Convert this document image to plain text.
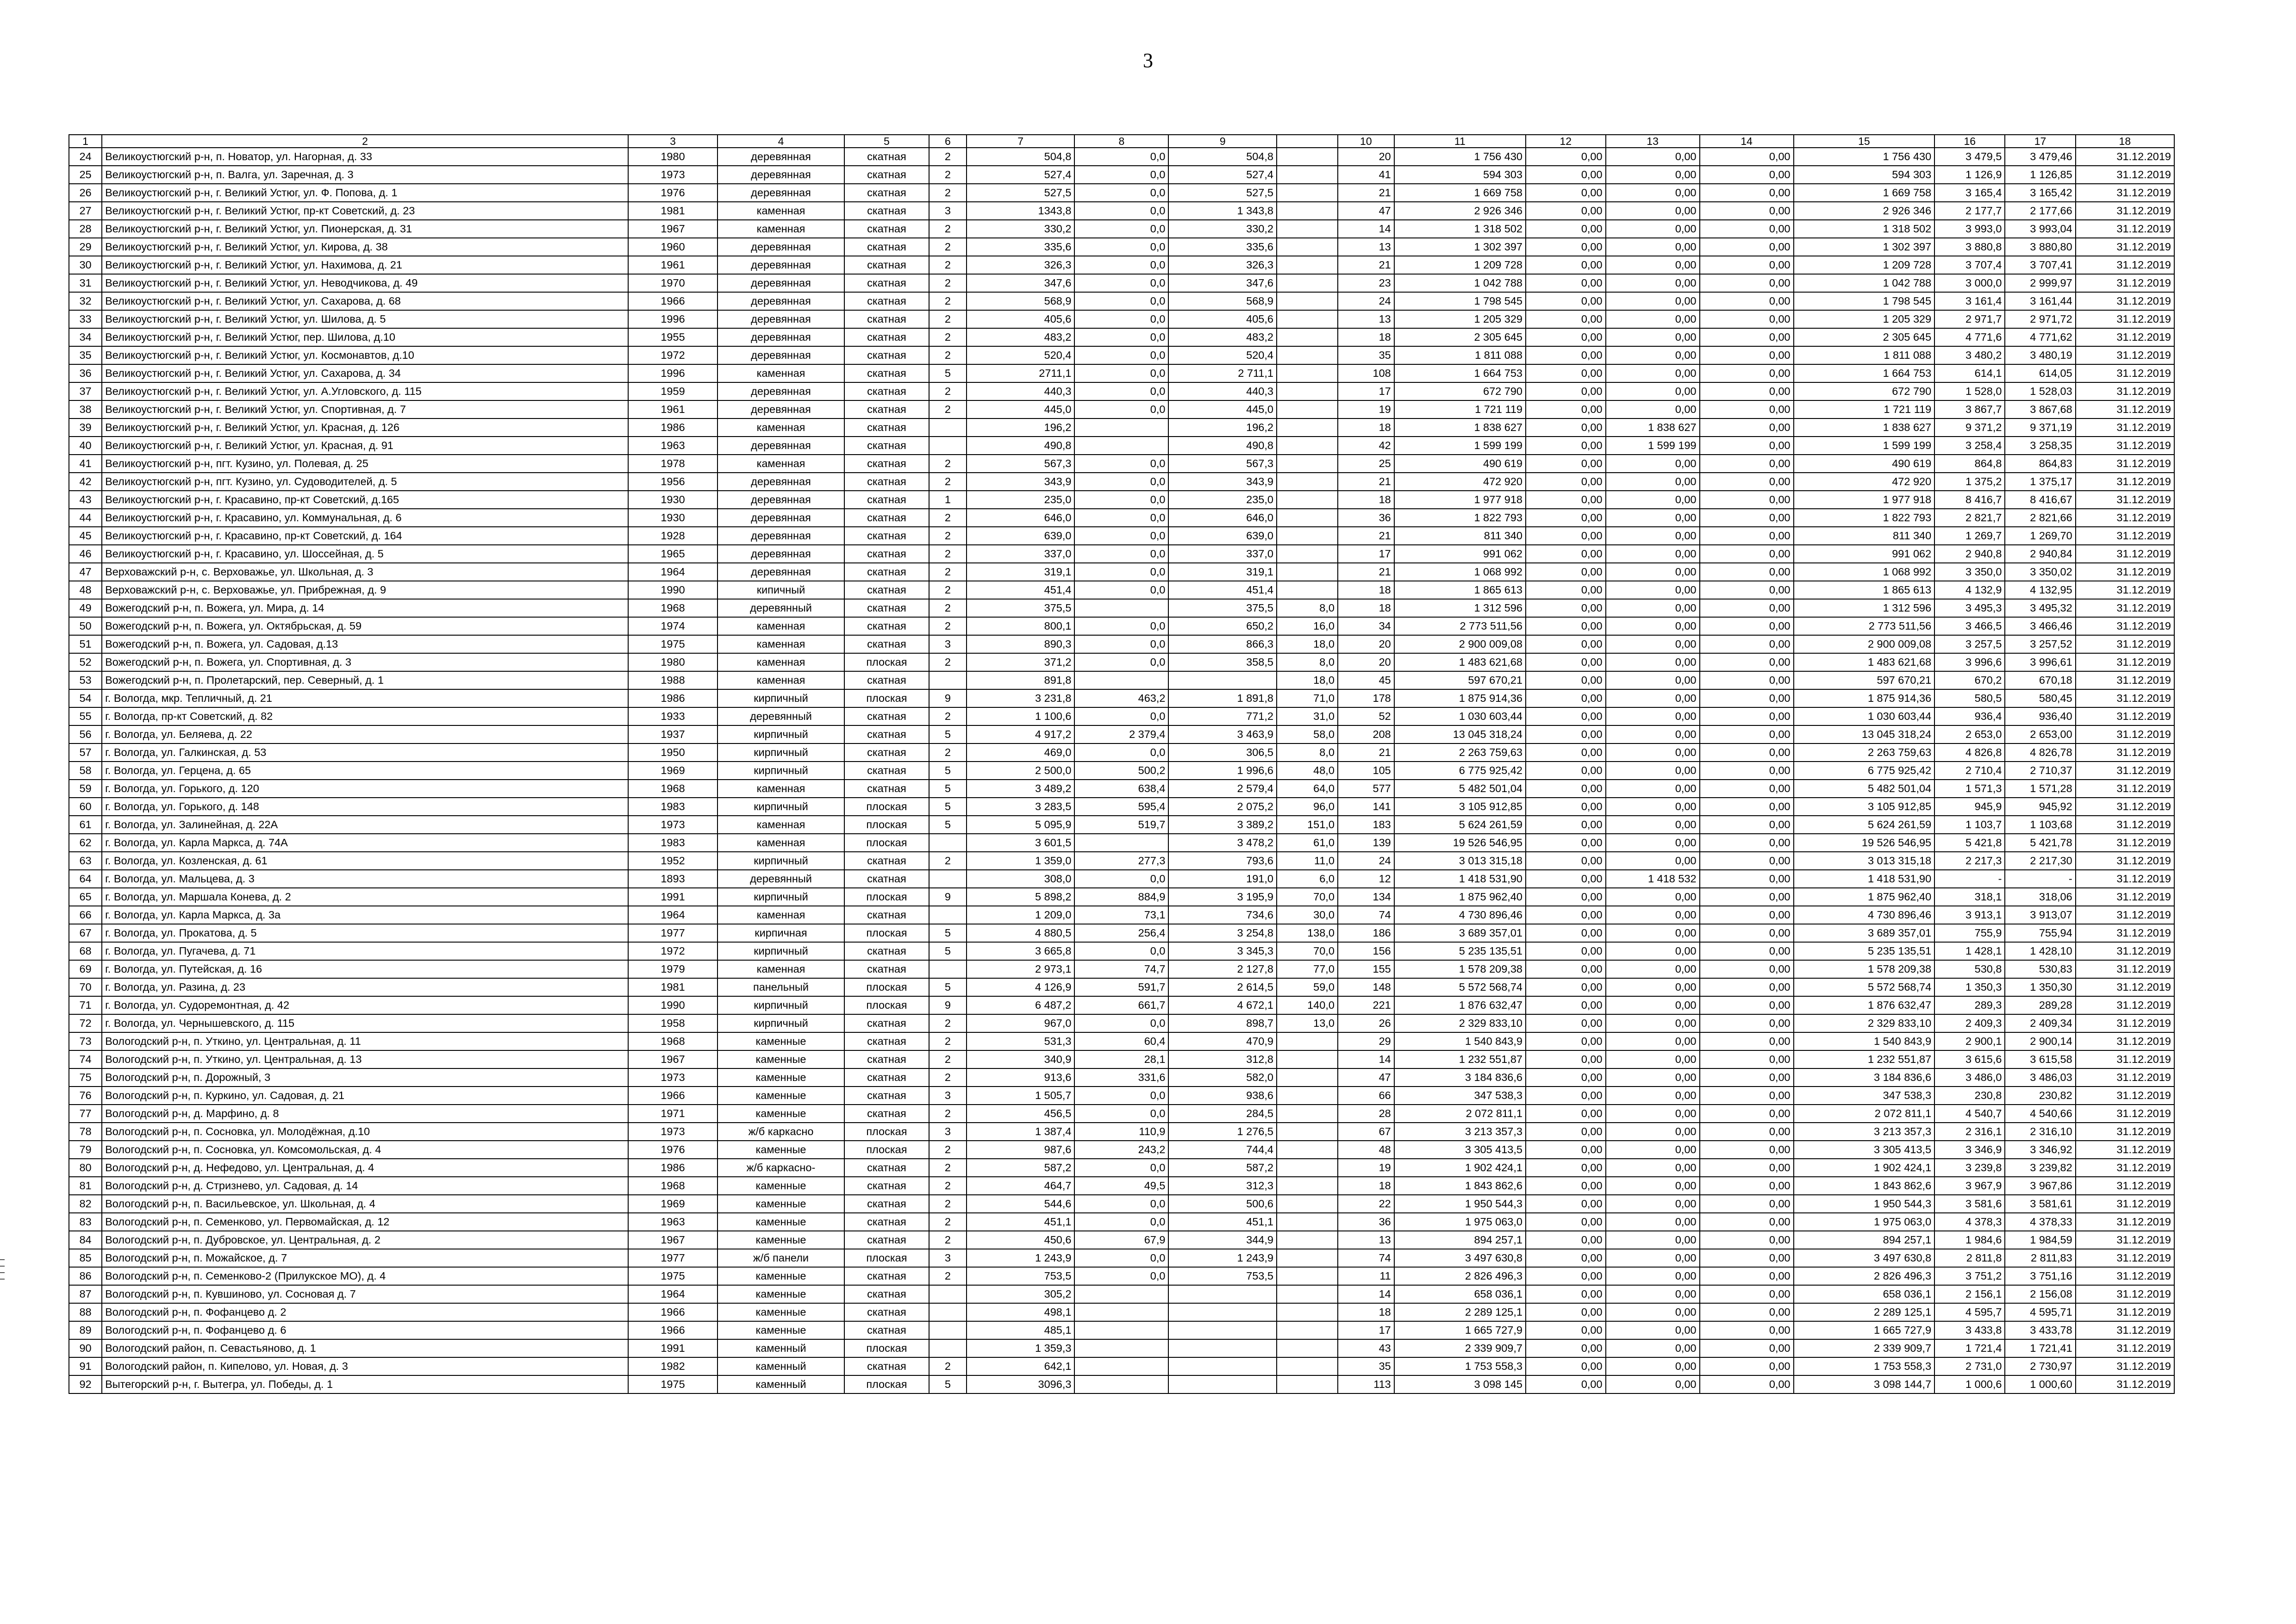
3
1	2	3	4	5	6	7	8	9		10	11	12	13	14	15	16	17	18
24	Великоустюгский р-н, п. Новатор, ул. Нагорная, д. 33	1980	деревянная	скатная	2	504,8	0,0	504,8		20	1 756 430	0,00	0,00	0,00	1 756 430	3 479,5	3 479,46	31.12.2019
25	Великоустюгский р-н, п. Валга, ул. Заречная, д. 3	1973	деревянная	скатная	2	527,4	0,0	527,4		41	594 303	0,00	0,00	0,00	594 303	1 126,9	1 126,85	31.12.2019
26	Великоустюгский р-н, г. Великий Устюг, ул. Ф. Попова, д. 1	1976	деревянная	скатная	2	527,5	0,0	527,5		21	1 669 758	0,00	0,00	0,00	1 669 758	3 165,4	3 165,42	31.12.2019
27	Великоустюгский р-н, г. Великий Устюг, пр-кт Советский, д. 23	1981	каменная	скатная	3	1343,8	0,0	1 343,8		47	2 926 346	0,00	0,00	0,00	2 926 346	2 177,7	2 177,66	31.12.2019
28	Великоустюгский р-н, г. Великий Устюг, ул. Пионерская, д. 31	1967	каменная	скатная	2	330,2	0,0	330,2		14	1 318 502	0,00	0,00	0,00	1 318 502	3 993,0	3 993,04	31.12.2019
29	Великоустюгский р-н, г. Великий Устюг, ул. Кирова, д. 38	1960	деревянная	скатная	2	335,6	0,0	335,6		13	1 302 397	0,00	0,00	0,00	1 302 397	3 880,8	3 880,80	31.12.2019
30	Великоустюгский р-н, г. Великий Устюг, ул. Нахимова, д. 21	1961	деревянная	скатная	2	326,3	0,0	326,3		21	1 209 728	0,00	0,00	0,00	1 209 728	3 707,4	3 707,41	31.12.2019
31	Великоустюгский р-н, г. Великий Устюг, ул. Неводчикова, д. 49	1970	деревянная	скатная	2	347,6	0,0	347,6		23	1 042 788	0,00	0,00	0,00	1 042 788	3 000,0	2 999,97	31.12.2019
32	Великоустюгский р-н, г. Великий Устюг, ул. Сахарова, д. 68	1966	деревянная	скатная	2	568,9	0,0	568,9		24	1 798 545	0,00	0,00	0,00	1 798 545	3 161,4	3 161,44	31.12.2019
33	Великоустюгский р-н, г. Великий Устюг, ул. Шилова, д. 5	1996	деревянная	скатная	2	405,6	0,0	405,6		13	1 205 329	0,00	0,00	0,00	1 205 329	2 971,7	2 971,72	31.12.2019
34	Великоустюгский р-н, г. Великий Устюг, пер. Шилова, д.10	1955	деревянная	скатная	2	483,2	0,0	483,2		18	2 305 645	0,00	0,00	0,00	2 305 645	4 771,6	4 771,62	31.12.2019
35	Великоустюгский р-н, г. Великий Устюг, ул. Космонавтов, д.10	1972	деревянная	скатная	2	520,4	0,0	520,4		35	1 811 088	0,00	0,00	0,00	1 811 088	3 480,2	3 480,19	31.12.2019
36	Великоустюгский р-н, г. Великий Устюг, ул. Сахарова, д. 34	1996	каменная	скатная	5	2711,1	0,0	2 711,1		108	1 664 753	0,00	0,00	0,00	1 664 753	614,1	614,05	31.12.2019
37	Великоустюгский р-н, г. Великий Устюг, ул. А.Угловского, д. 115	1959	деревянная	скатная	2	440,3	0,0	440,3		17	672 790	0,00	0,00	0,00	672 790	1 528,0	1 528,03	31.12.2019
38	Великоустюгский р-н, г. Великий Устюг, ул. Спортивная, д. 7	1961	деревянная	скатная	2	445,0	0,0	445,0		19	1 721 119	0,00	0,00	0,00	1 721 119	3 867,7	3 867,68	31.12.2019
39	Великоустюгский р-н, г. Великий Устюг, ул. Красная, д. 126	1986	каменная	скатная		196,2		196,2		18	1 838 627	0,00	1 838 627	0,00	1 838 627	9 371,2	9 371,19	31.12.2019
40	Великоустюгский р-н, г. Великий Устюг, ул. Красная, д. 91	1963	деревянная	скатная		490,8		490,8		42	1 599 199	0,00	1 599 199	0,00	1 599 199	3 258,4	3 258,35	31.12.2019
41	Великоустюгский р-н, пгт. Кузино, ул. Полевая, д. 25	1978	каменная	скатная	2	567,3	0,0	567,3		25	490 619	0,00	0,00	0,00	490 619	864,8	864,83	31.12.2019
42	Великоустюгский р-н, пгт. Кузино, ул. Судоводителей, д. 5	1956	деревянная	скатная	2	343,9	0,0	343,9		21	472 920	0,00	0,00	0,00	472 920	1 375,2	1 375,17	31.12.2019
43	Великоустюгский р-н, г. Красавино, пр-кт Советский, д.165	1930	деревянная	скатная	1	235,0	0,0	235,0		18	1 977 918	0,00	0,00	0,00	1 977 918	8 416,7	8 416,67	31.12.2019
44	Великоустюгский р-н, г. Красавино, ул. Коммунальная, д. 6	1930	деревянная	скатная	2	646,0	0,0	646,0		36	1 822 793	0,00	0,00	0,00	1 822 793	2 821,7	2 821,66	31.12.2019
45	Великоустюгский р-н, г. Красавино, пр-кт Советский, д. 164	1928	деревянная	скатная	2	639,0	0,0	639,0		21	811 340	0,00	0,00	0,00	811 340	1 269,7	1 269,70	31.12.2019
46	Великоустюгский р-н, г. Красавино, ул. Шоссейная, д. 5	1965	деревянная	скатная	2	337,0	0,0	337,0		17	991 062	0,00	0,00	0,00	991 062	2 940,8	2 940,84	31.12.2019
47	Верховажский р-н, с. Верховажье, ул. Школьная, д. 3	1964	деревянная	скатная	2	319,1	0,0	319,1		21	1 068 992	0,00	0,00	0,00	1 068 992	3 350,0	3 350,02	31.12.2019
48	Верховажский р-н, с. Верховажье, ул. Прибрежная, д. 9	1990	кипичный	скатная	2	451,4	0,0	451,4		18	1 865 613	0,00	0,00	0,00	1 865 613	4 132,9	4 132,95	31.12.2019
49	Вожегодский р-н, п. Вожега, ул. Мира, д. 14	1968	деревянный	скатная	2	375,5		375,5	8,0	18	1 312 596	0,00	0,00	0,00	1 312 596	3 495,3	3 495,32	31.12.2019
50	Вожегодский р-н, п. Вожега, ул. Октябрьская, д. 59	1974	каменная	скатная	2	800,1	0,0	650,2	16,0	34	2 773 511,56	0,00	0,00	0,00	2 773 511,56	3 466,5	3 466,46	31.12.2019
51	Вожегодский р-н, п. Вожега, ул. Садовая, д.13	1975	каменная	скатная	3	890,3	0,0	866,3	18,0	20	2 900 009,08	0,00	0,00	0,00	2 900 009,08	3 257,5	3 257,52	31.12.2019
52	Вожегодский р-н, п. Вожега, ул. Спортивная, д. 3	1980	каменная	плоская	2	371,2	0,0	358,5	8,0	20	1 483 621,68	0,00	0,00	0,00	1 483 621,68	3 996,6	3 996,61	31.12.2019
53	Вожегодский р-н, п. Пролетарский, пер. Северный, д. 1	1988	каменная	скатная		891,8			18,0	45	597 670,21	0,00	0,00	0,00	597 670,21	670,2	670,18	31.12.2019
54	г. Вологда, мкр. Тепличный, д. 21	1986	кирпичный	плоская	9	3 231,8	463,2	1 891,8	71,0	178	1 875 914,36	0,00	0,00	0,00	1 875 914,36	580,5	580,45	31.12.2019
55	г. Вологда, пр-кт Советский, д. 82	1933	деревянный	скатная	2	1 100,6	0,0	771,2	31,0	52	1 030 603,44	0,00	0,00	0,00	1 030 603,44	936,4	936,40	31.12.2019
56	г. Вологда, ул. Беляева, д. 22	1937	кирпичный	скатная	5	4 917,2	2 379,4	3 463,9	58,0	208	13 045 318,24	0,00	0,00	0,00	13 045 318,24	2 653,0	2 653,00	31.12.2019
57	г. Вологда, ул. Галкинская, д. 53	1950	кирпичный	скатная	2	469,0	0,0	306,5	8,0	21	2 263 759,63	0,00	0,00	0,00	2 263 759,63	4 826,8	4 826,78	31.12.2019
58	г. Вологда, ул. Герцена, д. 65	1969	кирпичный	скатная	5	2 500,0	500,2	1 996,6	48,0	105	6 775 925,42	0,00	0,00	0,00	6 775 925,42	2 710,4	2 710,37	31.12.2019
59	г. Вологда, ул. Горького, д. 120	1968	каменная	скатная	5	3 489,2	638,4	2 579,4	64,0	577	5 482 501,04	0,00	0,00	0,00	5 482 501,04	1 571,3	1 571,28	31.12.2019
60	г. Вологда, ул. Горького, д. 148	1983	кирпичный	плоская	5	3 283,5	595,4	2 075,2	96,0	141	3 105 912,85	0,00	0,00	0,00	3 105 912,85	945,9	945,92	31.12.2019
61	г. Вологда, ул. Залинейная, д. 22А	1973	каменная	плоская	5	5 095,9	519,7	3 389,2	151,0	183	5 624 261,59	0,00	0,00	0,00	5 624 261,59	1 103,7	1 103,68	31.12.2019
62	г. Вологда, ул. Карла Маркса, д. 74А	1983	каменная	плоская		3 601,5		3 478,2	61,0	139	19 526 546,95	0,00	0,00	0,00	19 526 546,95	5 421,8	5 421,78	31.12.2019
63	г. Вологда, ул. Козленская, д. 61	1952	кирпичный	скатная	2	1 359,0	277,3	793,6	11,0	24	3 013 315,18	0,00	0,00	0,00	3 013 315,18	2 217,3	2 217,30	31.12.2019
64	г. Вологда, ул. Мальцева, д. 3	1893	деревянный	скатная		308,0	0,0	191,0	6,0	12	1 418 531,90	0,00	1 418 532	0,00	1 418 531,90	-	-	31.12.2019
65	г. Вологда, ул. Маршала Конева, д. 2	1991	кирпичный	плоская	9	5 898,2	884,9	3 195,9	70,0	134	1 875 962,40	0,00	0,00	0,00	1 875 962,40	318,1	318,06	31.12.2019
66	г. Вологда, ул. Карла Маркса, д. 3а	1964	каменная	скатная		1 209,0	73,1	734,6	30,0	74	4 730 896,46	0,00	0,00	0,00	4 730 896,46	3 913,1	3 913,07	31.12.2019
67	г. Вологда, ул. Прокатова, д. 5	1977	кирпичная	плоская	5	4 880,5	256,4	3 254,8	138,0	186	3 689 357,01	0,00	0,00	0,00	3 689 357,01	755,9	755,94	31.12.2019
68	г. Вологда, ул. Пугачева, д. 71	1972	кирпичный	скатная	5	3 665,8	0,0	3 345,3	70,0	156	5 235 135,51	0,00	0,00	0,00	5 235 135,51	1 428,1	1 428,10	31.12.2019
69	г. Вологда, ул. Путейская, д. 16	1979	каменная	скатная		2 973,1	74,7	2 127,8	77,0	155	1 578 209,38	0,00	0,00	0,00	1 578 209,38	530,8	530,83	31.12.2019
70	г. Вологда, ул. Разина, д. 23	1981	панельный	плоская	5	4 126,9	591,7	2 614,5	59,0	148	5 572 568,74	0,00	0,00	0,00	5 572 568,74	1 350,3	1 350,30	31.12.2019
71	г. Вологда, ул. Судоремонтная, д. 42	1990	кирпичный	плоская	9	6 487,2	661,7	4 672,1	140,0	221	1 876 632,47	0,00	0,00	0,00	1 876 632,47	289,3	289,28	31.12.2019
72	г. Вологда, ул. Чернышевского, д. 115	1958	кирпичный	скатная	2	967,0	0,0	898,7	13,0	26	2 329 833,10	0,00	0,00	0,00	2 329 833,10	2 409,3	2 409,34	31.12.2019
73	Вологодский р-н, п. Уткино, ул. Центральная, д. 11	1968	каменные	скатная	2	531,3	60,4	470,9		29	1 540 843,9	0,00	0,00	0,00	1 540 843,9	2 900,1	2 900,14	31.12.2019
74	Вологодский р-н, п. Уткино, ул. Центральная, д. 13	1967	каменные	скатная	2	340,9	28,1	312,8		14	1 232 551,87	0,00	0,00	0,00	1 232 551,87	3 615,6	3 615,58	31.12.2019
75	Вологодский р-н, п. Дорожный, 3	1973	каменные	скатная	2	913,6	331,6	582,0		47	3 184 836,6	0,00	0,00	0,00	3 184 836,6	3 486,0	3 486,03	31.12.2019
76	Вологодский р-н, п. Куркино, ул. Садовая, д. 21	1966	каменные	скатная	3	1 505,7	0,0	938,6		66	347 538,3	0,00	0,00	0,00	347 538,3	230,8	230,82	31.12.2019
77	Вологодский р-н, д. Марфино, д. 8	1971	каменные	скатная	2	456,5	0,0	284,5		28	2 072 811,1	0,00	0,00	0,00	2 072 811,1	4 540,7	4 540,66	31.12.2019
78	Вологодский р-н, п. Сосновка, ул. Молодёжная, д.10	1973	ж/б каркасно	плоская	3	1 387,4	110,9	1 276,5		67	3 213 357,3	0,00	0,00	0,00	3 213 357,3	2 316,1	2 316,10	31.12.2019
79	Вологодский р-н, п. Сосновка, ул. Комсомольская, д. 4	1976	каменные	плоская	2	987,6	243,2	744,4		48	3 305 413,5	0,00	0,00	0,00	3 305 413,5	3 346,9	3 346,92	31.12.2019
80	Вологодский р-н, д. Нефедово, ул. Центральная, д. 4	1986	ж/б каркасно-	скатная	2	587,2	0,0	587,2		19	1 902 424,1	0,00	0,00	0,00	1 902 424,1	3 239,8	3 239,82	31.12.2019
81	Вологодский р-н, д. Стризнево, ул. Садовая, д. 14	1968	каменные	скатная	2	464,7	49,5	312,3		18	1 843 862,6	0,00	0,00	0,00	1 843 862,6	3 967,9	3 967,86	31.12.2019
82	Вологодский р-н, п. Васильевское, ул. Школьная, д. 4	1969	каменные	скатная	2	544,6	0,0	500,6		22	1 950 544,3	0,00	0,00	0,00	1 950 544,3	3 581,6	3 581,61	31.12.2019
83	Вологодский р-н, п. Семенково, ул. Первомайская, д. 12	1963	каменные	скатная	2	451,1	0,0	451,1		36	1 975 063,0	0,00	0,00	0,00	1 975 063,0	4 378,3	4 378,33	31.12.2019
84	Вологодский р-н, п. Дубровское, ул. Центральная, д. 2	1967	каменные	скатная	2	450,6	67,9	344,9		13	894 257,1	0,00	0,00	0,00	894 257,1	1 984,6	1 984,59	31.12.2019
85	Вологодский р-н, п. Можайское, д. 7	1977	ж/б панели	плоская	3	1 243,9	0,0	1 243,9		74	3 497 630,8	0,00	0,00	0,00	3 497 630,8	2 811,8	2 811,83	31.12.2019
86	Вологодский р-н, п. Семенково-2 (Прилукское МО), д. 4	1975	каменные	скатная	2	753,5	0,0	753,5		11	2 826 496,3	0,00	0,00	0,00	2 826 496,3	3 751,2	3 751,16	31.12.2019
87	Вологодский р-н, п. Кувшиново, ул. Сосновая д. 7	1964	каменные	скатная		305,2				14	658 036,1	0,00	0,00	0,00	658 036,1	2 156,1	2 156,08	31.12.2019
88	Вологодский р-н, п. Фофанцево д. 2	1966	каменные	скатная		498,1				18	2 289 125,1	0,00	0,00	0,00	2 289 125,1	4 595,7	4 595,71	31.12.2019
89	Вологодский р-н, п. Фофанцево д. 6	1966	каменные	скатная		485,1				17	1 665 727,9	0,00	0,00	0,00	1 665 727,9	3 433,8	3 433,78	31.12.2019
90	Вологодский район, п. Севастьяново, д. 1	1991	каменный	плоская		1 359,3				43	2 339 909,7	0,00	0,00	0,00	2 339 909,7	1 721,4	1 721,41	31.12.2019
91	Вологодский район, п. Кипелово, ул. Новая, д. 3	1982	каменный	скатная	2	642,1				35	1 753 558,3	0,00	0,00	0,00	1 753 558,3	2 731,0	2 730,97	31.12.2019
92	Вытегорский р-н, г. Вытегра, ул. Победы, д. 1	1975	каменный	плоская	5	3096,3				113	3 098 145	0,00	0,00	0,00	3 098 144,7	1 000,6	1 000,60	31.12.2019
